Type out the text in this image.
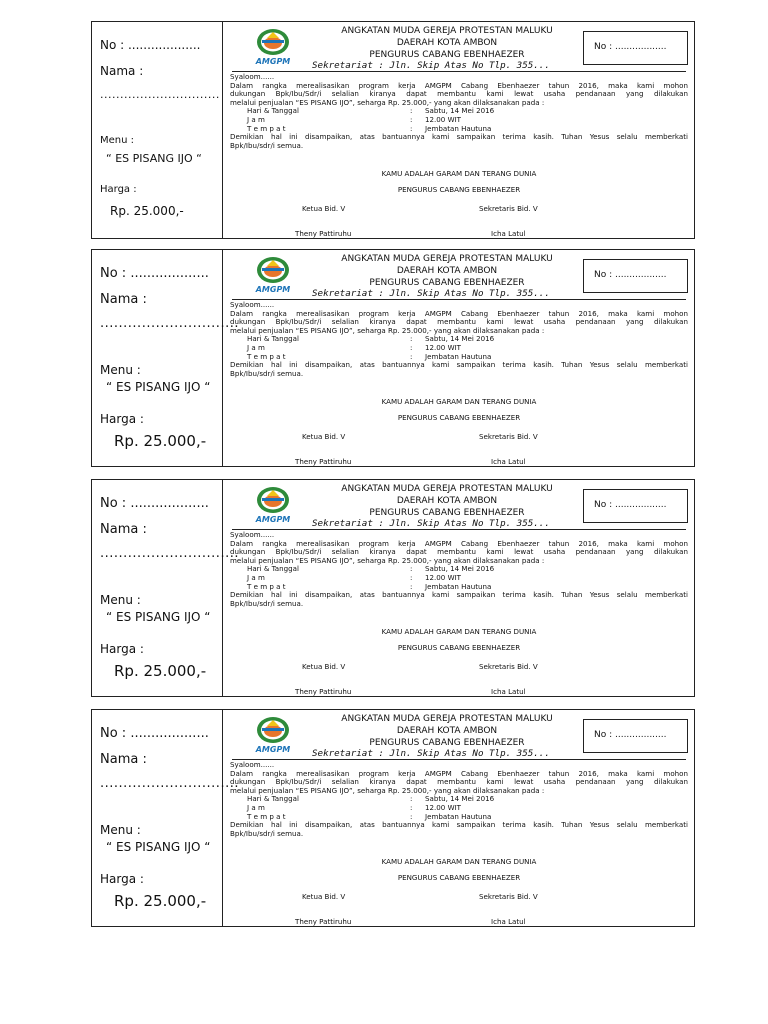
No : ...................
Nama :
..............................
Menu :
“ ES PISANG IJO “
Harga :
Rp. 25.000,-
AMGPM
ANGKATAN MUDA GEREJA PROTESTAN MALUKU
DAERAH KOTA AMBON
PENGURUS CABANG EBENHAEZER
Sekretariat : Jln. Skip Atas No Tlp. 355...
No : ..................
Syaloom......
Dalam rangka merealisasikan program kerja AMGPM Cabang Ebenhaezer tahun 2016, maka kami mohon
dukungan Bpk/Ibu/Sdr/i selalian kiranya dapat membantu kami lewat usaha pendanaan yang dilakukan
melalui penjualan “ES PISANG IJO”, seharga Rp. 25.000,- yang akan dilaksanakan pada :
Hari & Tanggal	: Sabtu, 14 Mei 2016
J a m	: 12.00 WIT
T e m p a t	: Jembatan Hautuna
Demikian hal ini disampaikan, atas bantuannya kami sampaikan terima kasih. Tuhan Yesus selalu memberkati
Bpk/Ibu/sdr/i semua.
KAMU ADALAH GARAM DAN TERANG DUNIA
PENGURUS CABANG EBENHAEZER
Ketua Bid. V	Sekretaris Bid. V
Theny Pattiruhu	Icha Latul
No : ...................
Nama :
..............................
Menu :
“ ES PISANG IJO “
Harga :
Rp. 25.000,-
AMGPM
ANGKATAN MUDA GEREJA PROTESTAN MALUKU
DAERAH KOTA AMBON
PENGURUS CABANG EBENHAEZER
Sekretariat : Jln. Skip Atas No Tlp. 355...
No : ..................
Syaloom......
Dalam rangka merealisasikan program kerja AMGPM Cabang Ebenhaezer tahun 2016, maka kami mohon
dukungan Bpk/Ibu/Sdr/i selalian kiranya dapat membantu kami lewat usaha pendanaan yang dilakukan
melalui penjualan “ES PISANG IJO”, seharga Rp. 25.000,- yang akan dilaksanakan pada :
Hari & Tanggal	: Sabtu, 14 Mei 2016
J a m	: 12.00 WIT
T e m p a t	: Jembatan Hautuna
Demikian hal ini disampaikan, atas bantuannya kami sampaikan terima kasih. Tuhan Yesus selalu memberkati
Bpk/Ibu/sdr/i semua.
KAMU ADALAH GARAM DAN TERANG DUNIA
PENGURUS CABANG EBENHAEZER
Ketua Bid. V	Sekretaris Bid. V
Theny Pattiruhu	Icha Latul
No : ...................
Nama :
..............................
Menu :
“ ES PISANG IJO “
Harga :
Rp. 25.000,-
AMGPM
ANGKATAN MUDA GEREJA PROTESTAN MALUKU
DAERAH KOTA AMBON
PENGURUS CABANG EBENHAEZER
Sekretariat : Jln. Skip Atas No Tlp. 355...
No : ..................
Syaloom......
Dalam rangka merealisasikan program kerja AMGPM Cabang Ebenhaezer tahun 2016, maka kami mohon
dukungan Bpk/Ibu/Sdr/i selalian kiranya dapat membantu kami lewat usaha pendanaan yang dilakukan
melalui penjualan “ES PISANG IJO”, seharga Rp. 25.000,- yang akan dilaksanakan pada :
Hari & Tanggal	: Sabtu, 14 Mei 2016
J a m	: 12.00 WIT
T e m p a t	: Jembatan Hautuna
Demikian hal ini disampaikan, atas bantuannya kami sampaikan terima kasih. Tuhan Yesus selalu memberkati
Bpk/Ibu/sdr/i semua.
KAMU ADALAH GARAM DAN TERANG DUNIA
PENGURUS CABANG EBENHAEZER
Ketua Bid. V	Sekretaris Bid. V
Theny Pattiruhu	Icha Latul
No : ...................
Nama :
..............................
Menu :
“ ES PISANG IJO “
Harga :
Rp. 25.000,-
AMGPM
ANGKATAN MUDA GEREJA PROTESTAN MALUKU
DAERAH KOTA AMBON
PENGURUS CABANG EBENHAEZER
Sekretariat : Jln. Skip Atas No Tlp. 355...
No : ..................
Syaloom......
Dalam rangka merealisasikan program kerja AMGPM Cabang Ebenhaezer tahun 2016, maka kami mohon
dukungan Bpk/Ibu/Sdr/i selalian kiranya dapat membantu kami lewat usaha pendanaan yang dilakukan
melalui penjualan “ES PISANG IJO”, seharga Rp. 25.000,- yang akan dilaksanakan pada :
Hari & Tanggal	: Sabtu, 14 Mei 2016
J a m	: 12.00 WIT
T e m p a t	: Jembatan Hautuna
Demikian hal ini disampaikan, atas bantuannya kami sampaikan terima kasih. Tuhan Yesus selalu memberkati
Bpk/Ibu/sdr/i semua.
KAMU ADALAH GARAM DAN TERANG DUNIA
PENGURUS CABANG EBENHAEZER
Ketua Bid. V	Sekretaris Bid. V
Theny Pattiruhu	Icha Latul
